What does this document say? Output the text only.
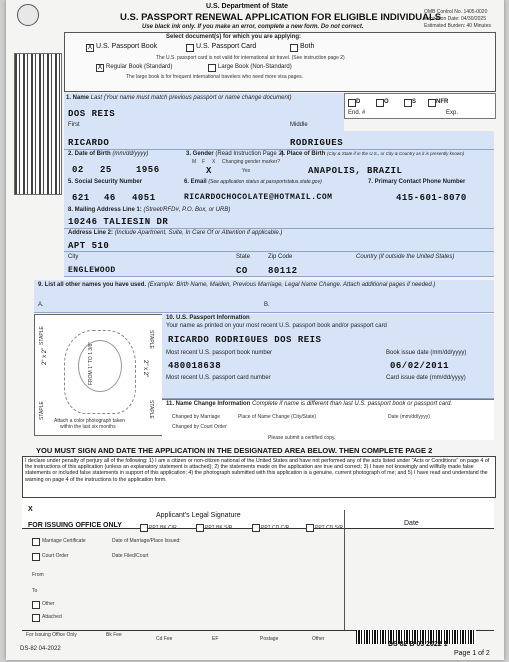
U.S. Department of State
U.S. PASSPORT RENEWAL APPLICATION FOR ELIGIBLE INDIVIDUALS
Use black ink only. If you make an error, complete a new form. Do not correct.
OMB Control No. 1405-0020
Expiration Date: 04/30/2025
Estimated Burden: 40 Minutes
Select document(s) for which you are applying:
X U.S. Passport Book	U.S. Passport Card	Both
The U.S. passport card is not valid for international air travel. (See instruction page 2)
X Regular Book (Standard)	Large Book (Non-Standard)
The large book is for frequent international travelers who need more visa pages.
1. Name Last (Your name must match previous passport or name change document)
DOS REIS
D	O	S	NFR
End. #	Exp.
First
RICARDO
Middle
RODRIGUES
2. Date of Birth (mm/dd/yyyy)
02 25	1956
3. Gender (Read Instruction Page 2)
M F X Changing gender marker?
X	Yes
4. Place of Birth (City & State if in the U.S., or City & Country as it is presently known)
ANAPOLIS, BRAZIL
5. Social Security Number
621 46 4051
6. Email (See application status at passportstatus.state.gov)
RICARDOCHOCOLATE@HOTMAIL.COM
7. Primary Contact Phone Number
415-601-8070
8. Mailing Address Line 1: (Street/RFD#, P.O. Box, or URB)
10246 TALIESIN DR
Address Line 2: (Include Apartment, Suite, In Care Of or Attention if applicable.)
APT 510
City
ENGLEWOOD
State
CO
Zip Code
80112
Country (if outside the United States)
9. List all other names you have used. (Example: Birth Name, Maiden, Previous Marriage, Legal Name Change. Attach additional pages if needed.)
A.	B.
STAPLE
STAPLE
STAPLE
STAPLE
2" x 2"
2" x 2"
FROM 1" TO 1 3/8"
Attach a color photograph taken
within the last six months
10. U.S. Passport Information
Your name as printed on your most recent U.S. passport book and/or passport card
RICARDO RODRIGUES DOS REIS
Most recent U.S. passport book number
480018638
Book issue date (mm/dd/yyyy)
06/02/2011
Most recent U.S. passport card number	Card issue date (mm/dd/yyyy)
11. Name Change Information Complete if name is different than last U.S. passport book or passport card.
Changed by Marriage
Changed by Court Order
Place of Name Change (City/State)	Date (mm/dd/yyyy)
Please submit a certified copy.
YOU MUST SIGN AND DATE THE APPLICATION IN THE DESIGNATED AREA BELOW. THEN COMPLETE PAGE 2
I declare under penalty of perjury all of the following: 1) I am a citizen or non-citizen national of the United States and have not performed any of the acts listed under "Acts or Conditions" on page 4 of the instructions of this application (unless an explanatory statement is attached); 2) the statements made on the application are true and correct; 3) I have not knowingly and willfully made false statements or included false statements in support of this application; 4) the photograph submitted with this application is a genuine, current photograph of me; and 5) I have read and understand the warning on page 4 of the instructions to the application form.
X
Applicant's Legal Signature
Date
FOR ISSUING OFFICE ONLY	PPT BK C/R	PPT BK S/R	PPT CD C/R	PPT CD S/R
Marriage Certificate	Date of Marriage/Place Issued:
Court Order	Date Filed/Court
From
To
Other
Attached
For Issuing Office Only	Bk Fee
Cd Fee	EF	Postage	Other
DS-82 04-2022
DS 82 B 03 2022 1
Page 1 of 2
